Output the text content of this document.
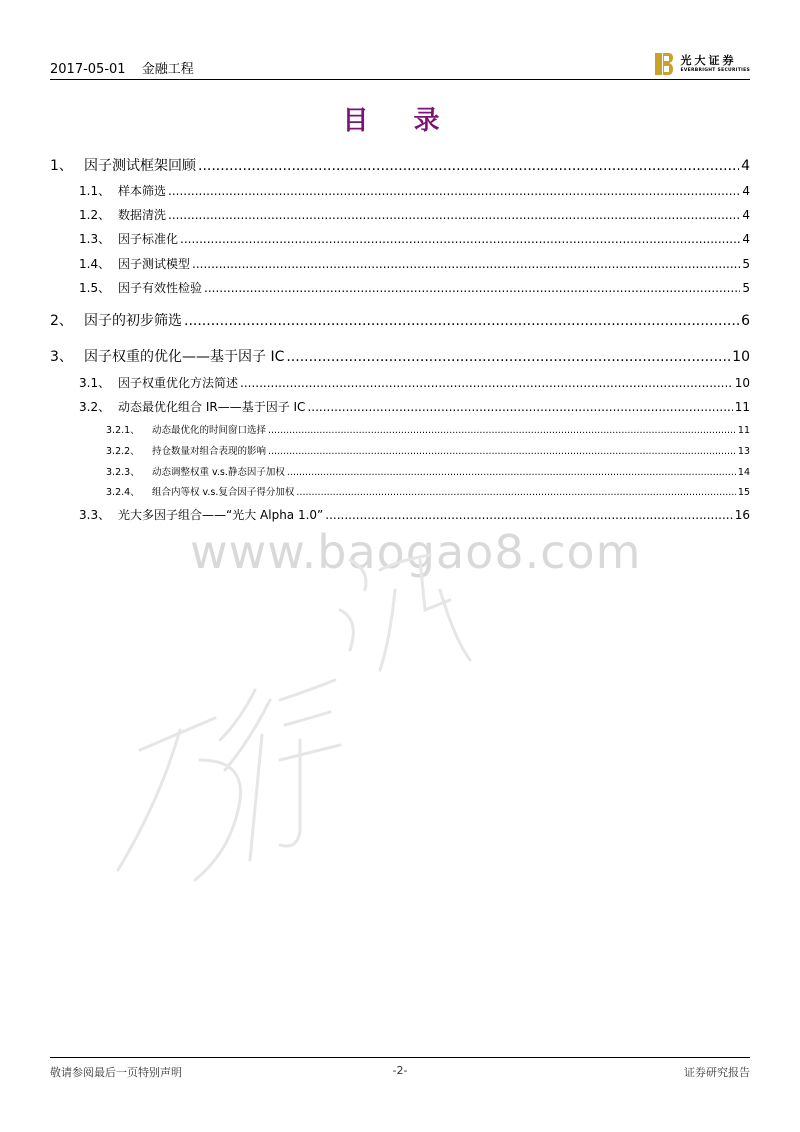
2017-05-01 金融工程
光大证券
EVERBRIGHT SECURITIES
目 录
1、 因子测试框架回顾 .....	4
1.1、 样本筛选 .....	4
1.2、 数据清洗 .....	4
1.3、 因子标准化 .....	4
1.4、 因子测试模型 .....	5
1.5、 因子有效性检验 .....	5
2、 因子的初步筛选 .....	6
3、 因子权重的优化——基于因子 IC .....	10
3.1、 因子权重优化方法简述 .....	10
3.2、 动态最优化组合 IR——基于因子 IC .....	11
3.2.1、	动态最优化的时间窗口选择 .....	11
3.2.2、	持仓数量对组合表现的影响 .....	13
3.2.3、	动态调整权重 v.s.静态因子加权 .....	14
3.2.4、	组合内等权 v.s.复合因子得分加权 .....	15
3.3、 光大多因子组合——“光大 Alpha 1.0” .....	16
www.baogao8.com
敬请参阅最后一页特别声明	-2-	证券研究报告
